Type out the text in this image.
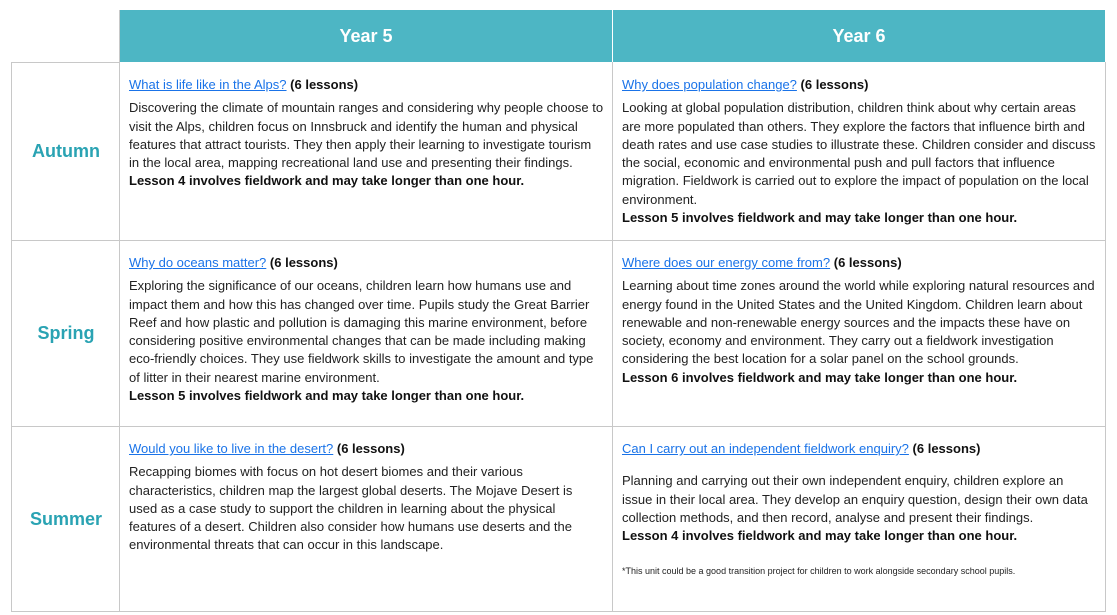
Year 5	Year 6
Autumn
What is life like in the Alps? (6 lessons)

Discovering the climate of mountain ranges and considering why people choose to visit the Alps, children focus on Innsbruck and identify the human and physical features that attract tourists. They then apply their learning to investigate tourism in the local area, mapping recreational land use and presenting their findings.

Lesson 4 involves fieldwork and may take longer than one hour.
Why does population change? (6 lessons)

Looking at global population distribution, children think about why certain areas are more populated than others. They explore the factors that influence birth and death rates and use case studies to illustrate these. Children consider and discuss the social, economic and environmental push and pull factors that influence migration. Fieldwork is carried out to explore the impact of population on the local environment.

Lesson 5 involves fieldwork and may take longer than one hour.
Spring
Why do oceans matter? (6 lessons)

Exploring the significance of our oceans, children learn how humans use and impact them and how this has changed over time. Pupils study the Great Barrier Reef and how plastic and pollution is damaging this marine environment, before considering positive environmental changes that can be made including making eco-friendly choices. They use fieldwork skills to investigate the amount and type of litter in their nearest marine environment.

Lesson 5 involves fieldwork and may take longer than one hour.
Where does our energy come from? (6 lessons)

Learning about time zones around the world while exploring natural resources and energy found in the United States and the United Kingdom. Children learn about renewable and non-renewable energy sources and the impacts these have on society, economy and environment. They carry out a fieldwork investigation considering the best location for a solar panel on the school grounds.

Lesson 6 involves fieldwork and may take longer than one hour.
Summer
Would you like to live in the desert? (6 lessons)

Recapping biomes with focus on hot desert biomes and their various characteristics, children map the largest global deserts. The Mojave Desert is used as a case study to support the children in learning about the physical features of a desert. Children also consider how humans use deserts and the environmental threats that can occur in this landscape.

Can I carry out an independent fieldwork enquiry? (6 lessons)

Planning and carrying out their own independent enquiry, children explore an issue in their local area. They develop an enquiry question, design their own data collection methods, and then record, analyse and present their findings.

Lesson 4 involves fieldwork and may take longer than one hour.
*This unit could be a good transition project for children to work alongside secondary school pupils.
